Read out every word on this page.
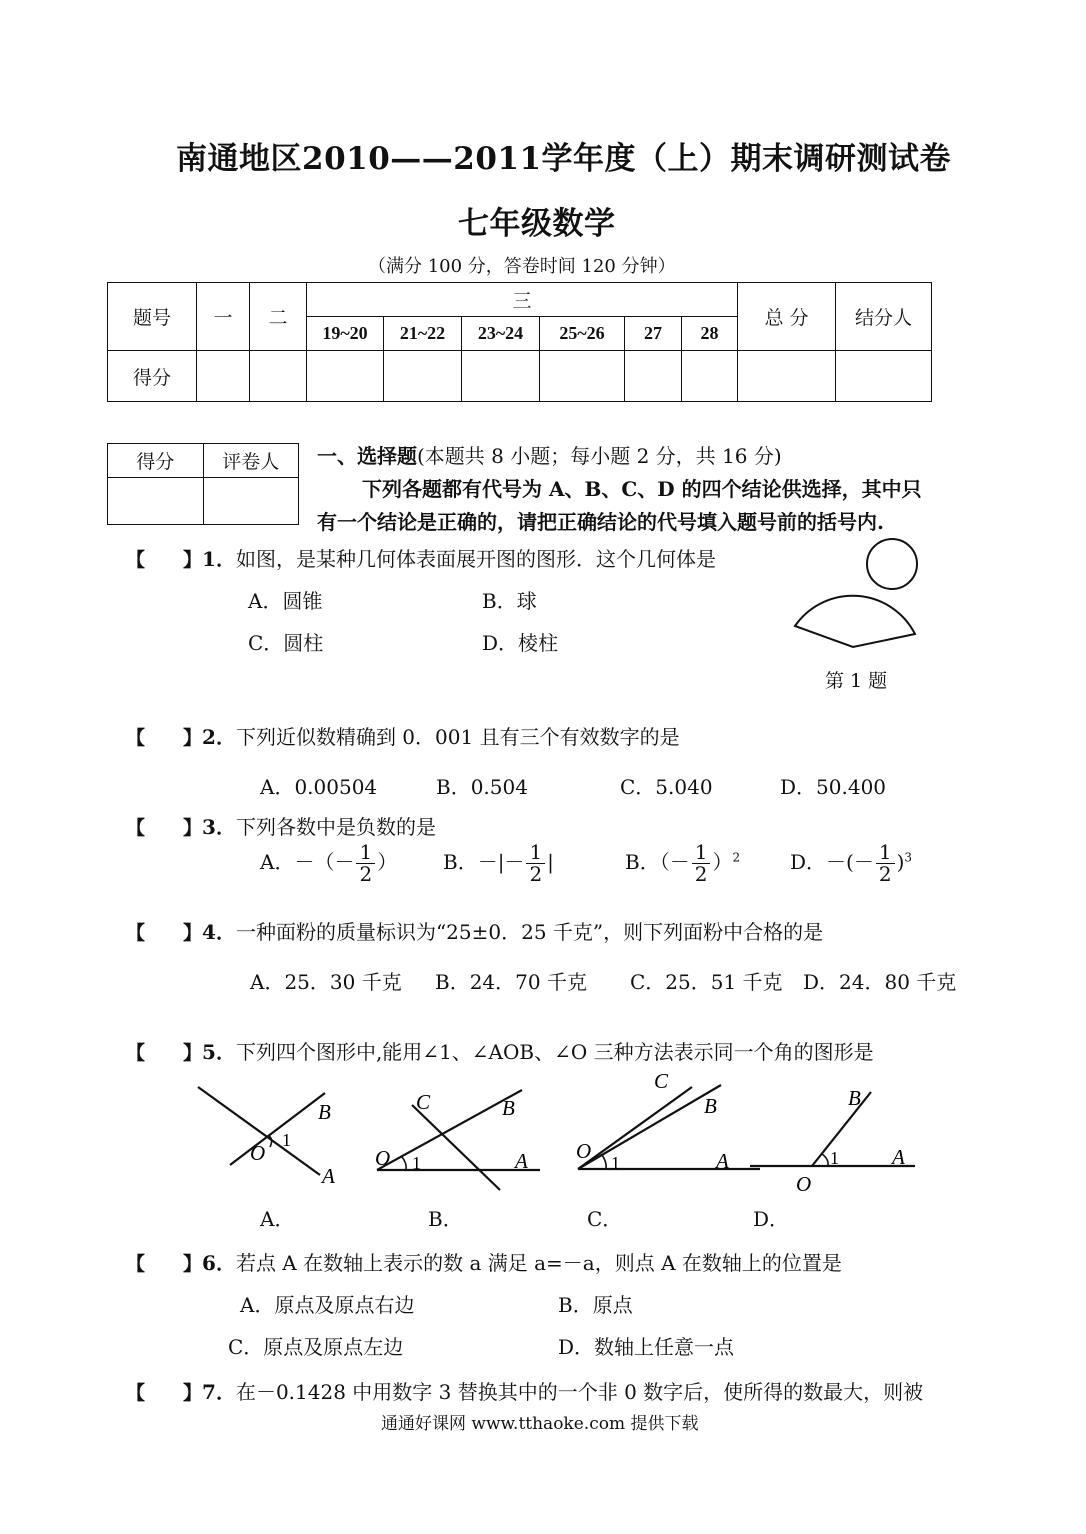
南通地区2010——2011学年度（上）期末调研测试卷
七年级数学
（满分 100 分，答卷时间 120 分钟）
题号	一	二	三						总 分	结分人
			19~20	21~22	23~24	25~26	27	28		
得分										
得分	评卷人
	一、选择题(本题共 8 小题；每小题 2 分，共 16 分)
下列各题都有代号为 A、B、C、D 的四个结论供选择，其中只
有一个结论是正确的，请把正确结论的代号填入题号前的括号内.
【 】1．如图，是某种几何体表面展开图的图形．这个几何体是
A．圆锥	B．球
C．圆柱	D．棱柱
第 1 题
【 】2．下列近似数精确到 0．001 且有三个有效数字的是
A．0.00504	B．0.504	C．5.040	D．50.400
【 】3．下列各数中是负数的是
A．－（－ $\frac{1}{2}$ ） B．－|－ $\frac{1}{2}$ |	B．（－ $\frac{1}{2} )^2$ D．－(－ $\frac{1}{2} )^3$
【 】4．一种面粉的质量标识为“25±0．25 千克”，则下列面粉中合格的是
A．25．30 千克 B．24．70 千克 C．25．51 千克 D．24．80 千克
【 】5．下列四个图形中,能用∠1、∠AOB、∠O 三种方法表示同一个角的图形是
B
A
O
1
C	B
O 1	A
C
B
O 1	A
B
1	A
O
A．	B．	C．	D．
【 】6．若点 A 在数轴上表示的数 a 满足 a=－a，则点 A 在数轴上的位置是
A．原点及原点右边	B．原点
C．原点及原点左边	D．数轴上任意一点
【 】7．在－0.1428 中用数字 3 替换其中的一个非 0 数字后，使所得的数最大，则被
通通好课网 www.tthaoke.com 提供下载
